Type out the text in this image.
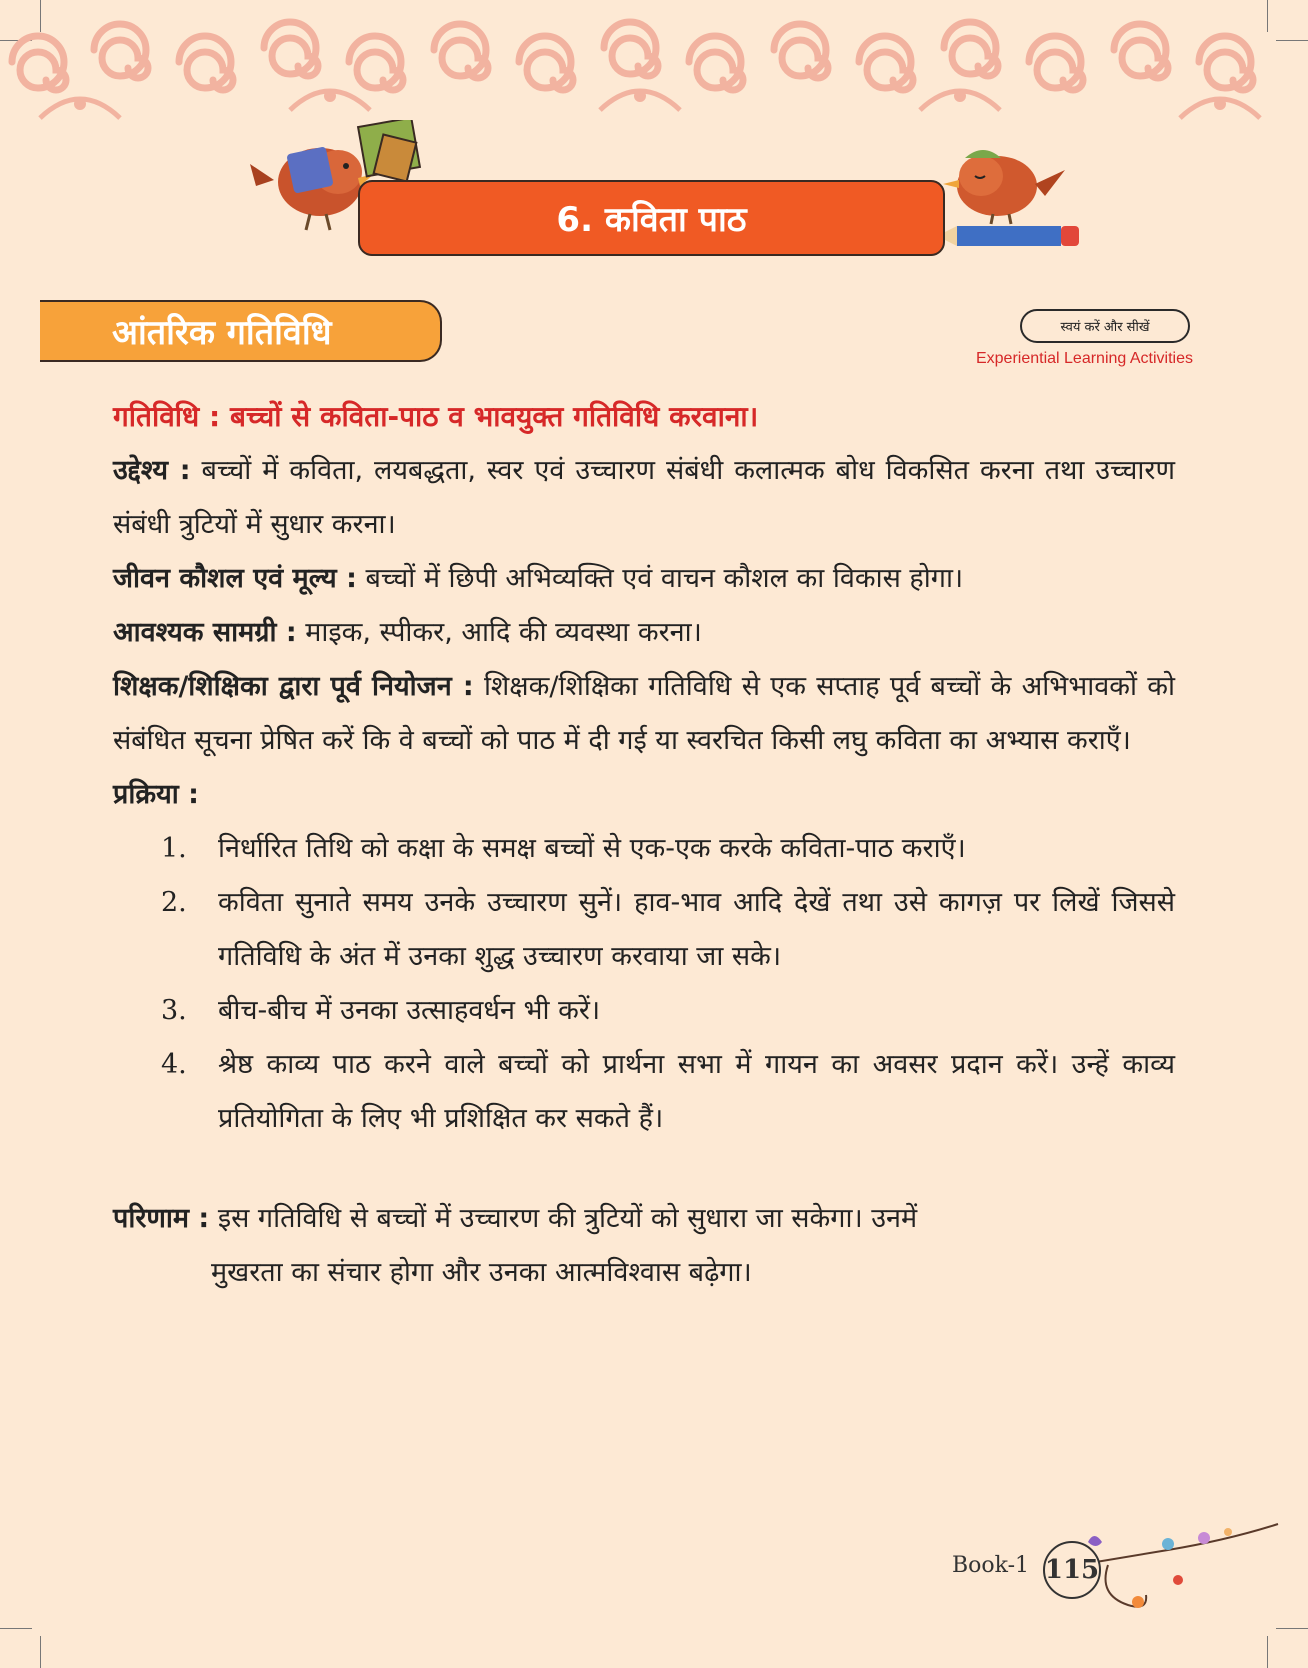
6. कविता पाठ
आंतरिक गतिविधि	स्वयं करें और सीखें
Experiential Learning Activities

गतिविधि : बच्चों से कविता-पाठ व भावयुक्त गतिविधि करवाना।

उद्देश्य : बच्चों में कविता, लयबद्धता, स्वर एवं उच्चारण संबंधी कलात्मक बोध विकसित करना तथा उच्चारण संबंधी त्रुटियों में सुधार करना।

जीवन कौशल एवं मूल्य : बच्चों में छिपी अभिव्यक्ति एवं वाचन कौशल का विकास होगा।

आवश्यक सामग्री : माइक, स्पीकर, आदि की व्यवस्था करना।

शिक्षक/शिक्षिका द्वारा पूर्व नियोजन : शिक्षक/शिक्षिका गतिविधि से एक सप्ताह पूर्व बच्चों के अभिभावकों को संबंधित सूचना प्रेषित करें कि वे बच्चों को पाठ में दी गई या स्वरचित किसी लघु कविता का अभ्यास कराएँ।

प्रक्रिया :

1.	निर्धारित तिथि को कक्षा के समक्ष बच्चों से एक-एक करके कविता-पाठ कराएँ।
2.	कविता सुनाते समय उनके उच्चारण सुनें। हाव-भाव आदि देखें तथा उसे कागज़ पर लिखें जिससे गतिविधि के अंत में उनका शुद्ध उच्चारण करवाया जा सके।
3.	बीच-बीच में उनका उत्साहवर्धन भी करें।
4.	श्रेष्ठ काव्य पाठ करने वाले बच्चों को प्रार्थना सभा में गायन का अवसर प्रदान करें। उन्हें काव्य प्रतियोगिता के लिए भी प्रशिक्षित कर सकते हैं।
परिणाम : इस गतिविधि से बच्चों में उच्चारण की त्रुटियों को सुधारा जा सकेगा। उनमें
मुखरता का संचार होगा और उनका आत्मविश्वास बढ़ेगा।
Book-1 115
